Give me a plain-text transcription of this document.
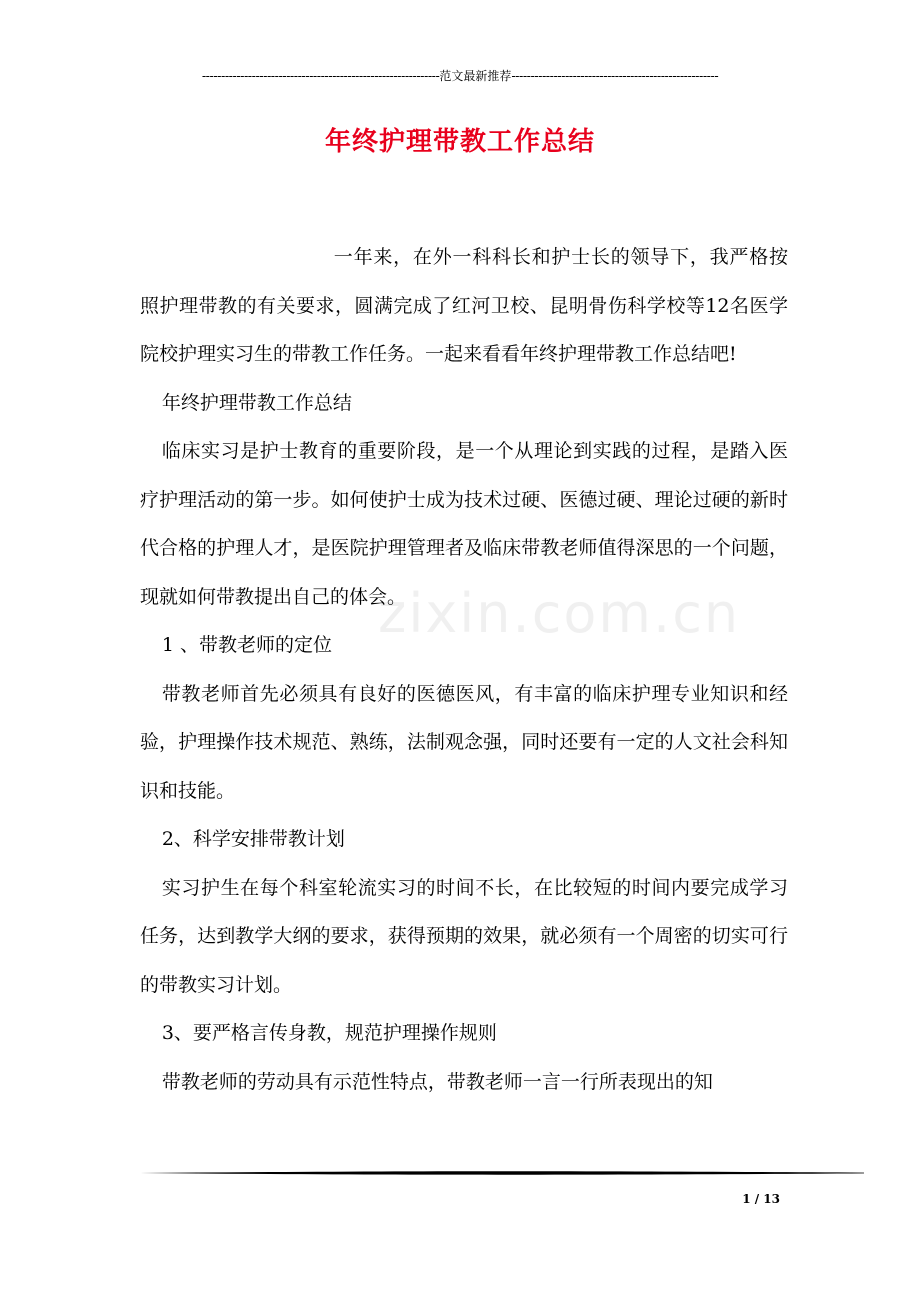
--------------------------------------------------------------范文最新推荐------------------------------------------------------
年终护理带教工作总结
zixin.com.cn

一年来，在外一科科长和护士长的领导下，我严格按照护理带教的有关要求，圆满完成了红河卫校、昆明骨伤科学校等12名医学院校护理实习生的带教工作任务。一起来看看年终护理带教工作总结吧!

年终护理带教工作总结

临床实习是护士教育的重要阶段，是一个从理论到实践的过程，是踏入医疗护理活动的第一步。如何使护士成为技术过硬、医德过硬、理论过硬的新时代合格的护理人才，是医院护理管理者及临床带教老师值得深思的一个问题，现就如何带教提出自己的体会。

1 、带教老师的定位

带教老师首先必须具有良好的医德医风，有丰富的临床护理专业知识和经验，护理操作技术规范、熟练，法制观念强，同时还要有一定的人文社会科知识和技能。

2、科学安排带教计划

实习护生在每个科室轮流实习的时间不长，在比较短的时间内要完成学习任务，达到教学大纲的要求，获得预期的效果，就必须有一个周密的切实可行的带教实习计划。

3、要严格言传身教，规范护理操作规则

带教老师的劳动具有示范性特点，带教老师一言一行所表现出的知

1 / 13
